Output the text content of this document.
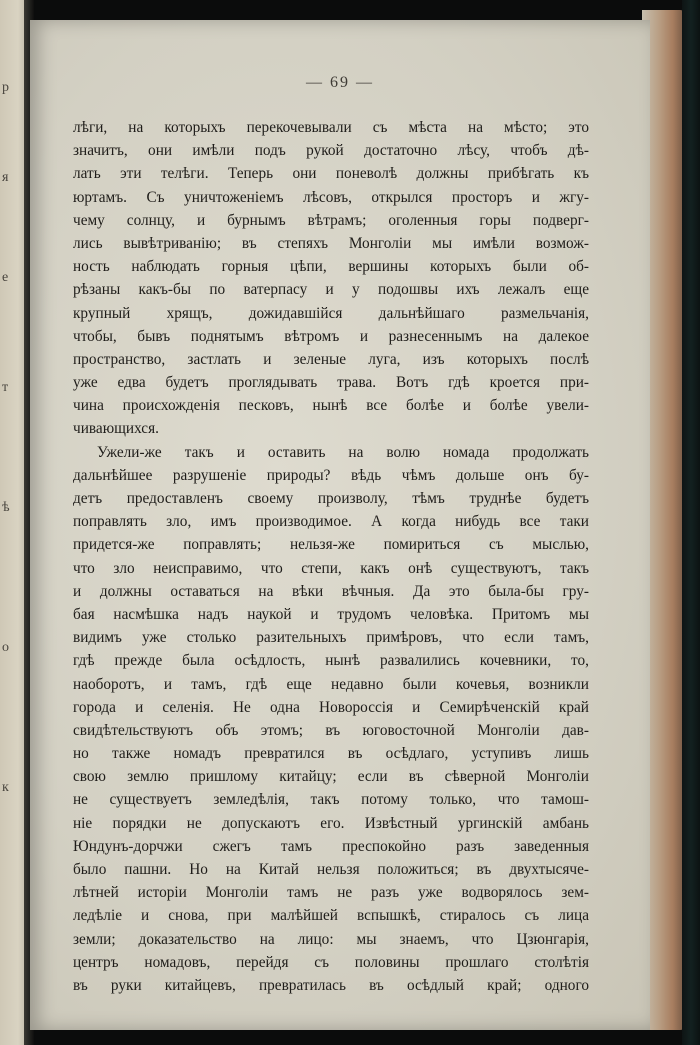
р
я
е
т
ѣ
о
к
— 69 —
лѣги, на которыхъ перекочевывали съ мѣста на мѣсто; это
значитъ, они имѣли подъ рукой достаточно лѣсу, чтобъ дѣ-
лать эти телѣги. Теперь они поневолѣ должны прибѣгать къ
юртамъ. Съ уничтоженіемъ лѣсовъ, открылся просторъ и жгу-
чему солнцу, и бурнымъ вѣтрамъ; оголенныя горы подверг-
лись вывѣтриванію; въ степяхъ Монголіи мы имѣли возмож-
ность наблюдать горныя цѣпи, вершины которыхъ были об-
рѣзаны какъ-бы по ватерпасу и у подошвы ихъ лежалъ еще
крупный хрящъ, дожидавшійся дальнѣйшаго размельчанія,
чтобы, бывъ поднятымъ вѣтромъ и разнесеннымъ на далекое
пространство, застлать и зеленые луга, изъ которыхъ послѣ
уже едва будетъ проглядывать трава. Вотъ гдѣ кроется при-
чина происхожденія песковъ, нынѣ все болѣе и болѣе увели-
чивающихся.
Ужели-же такъ и оставить на волю номада продолжать
дальнѣйшее разрушеніе природы? вѣдь чѣмъ дольше онъ бу-
детъ предоставленъ своему произволу, тѣмъ труднѣе будетъ
поправлять зло, имъ производимое. А когда нибудь все таки
придется-же поправлять; нельзя-же помириться съ мыслью,
что зло неисправимо, что степи, какъ онѣ существуютъ, такъ
и должны оставаться на вѣки вѣчныя. Да это была-бы гру-
бая насмѣшка надъ наукой и трудомъ человѣка. Притомъ мы
видимъ уже столько разительныхъ примѣровъ, что если тамъ,
гдѣ прежде была осѣдлость, нынѣ развалились кочевники, то,
наоборотъ, и тамъ, гдѣ еще недавно были кочевья, возникли
города и селенія. Не одна Новороссія и Семирѣченскій край
свидѣтельствуютъ объ этомъ; въ юговосточной Монголіи дав-
но также номадъ превратился въ осѣдлаго, уступивъ лишь
свою землю пришлому китайцу; если въ сѣверной Монголіи
не существуетъ земледѣлія, такъ потому только, что тамош-
ніе порядки не допускаютъ его. Извѣстный ургинскій амбань
Юндунъ-дорчжи сжегъ тамъ преспокойно разъ заведенныя
было пашни. Но на Китай нельзя положиться; въ двухтысяче-
лѣтней исторіи Монголіи тамъ не разъ уже водворялось зем-
ледѣліе и снова, при малѣйшей вспышкѣ, стиралось съ лица
земли; доказательство на лицо: мы знаемъ, что Цзюнгарія,
центръ номадовъ, перейдя съ половины прошлаго столѣтія
въ руки китайцевъ, превратилась въ осѣдлый край; одного
